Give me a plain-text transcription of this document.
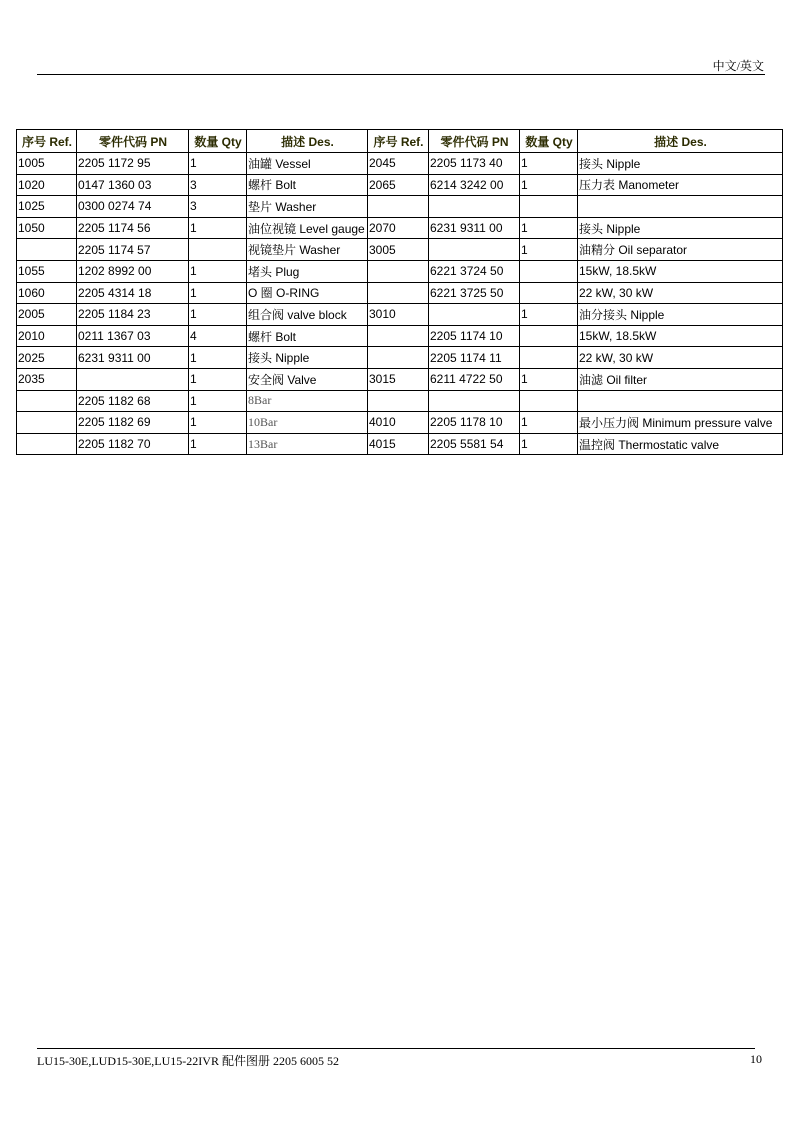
中文/英文
序号 Ref.	零件代码 PN	数量 Qty	描述 Des.	序号 Ref.	零件代码 PN	数量 Qty	描述 Des.
1005	2205 1172 95	1	油罐 Vessel	2045	2205 1173 40	1	接头 Nipple
1020	0147 1360 03	3	螺杆 Bolt	2065	6214 3242 00	1	压力表 Manometer
1025	0300 0274 74	3	垫片 Washer				
1050	2205 1174 56	1	油位视镜 Level gauge	2070	6231 9311 00	1	接头 Nipple
	2205 1174 57		视镜垫片 Washer	3005		1	油精分 Oil separator
1055	1202 8992 00	1	堵头 Plug		6221 3724 50		15kW, 18.5kW
1060	2205 4314 18	1	O 圈 O-RING		6221 3725 50		22 kW, 30 kW
2005	2205 1184 23	1	组合阀 valve block	3010		1	油分接头 Nipple
2010	0211 1367 03	4	螺杆 Bolt		2205 1174 10		15kW, 18.5kW
2025	6231 9311 00	1	接头 Nipple		2205 1174 11		22 kW, 30 kW
2035		1	安全阀 Valve	3015	6211 4722 50	1	油滤 Oil filter
	2205 1182 68	1	8Bar				
	2205 1182 69	1	10Bar	4010	2205 1178 10	1	最小压力阀 Minimum pressure valve
	2205 1182 70	1	13Bar	4015	2205 5581 54	1	温控阀 Thermostatic valve
LU15-30E,LUD15-30E,LU15-22IVR 配件图册 2205 6005 52	10
